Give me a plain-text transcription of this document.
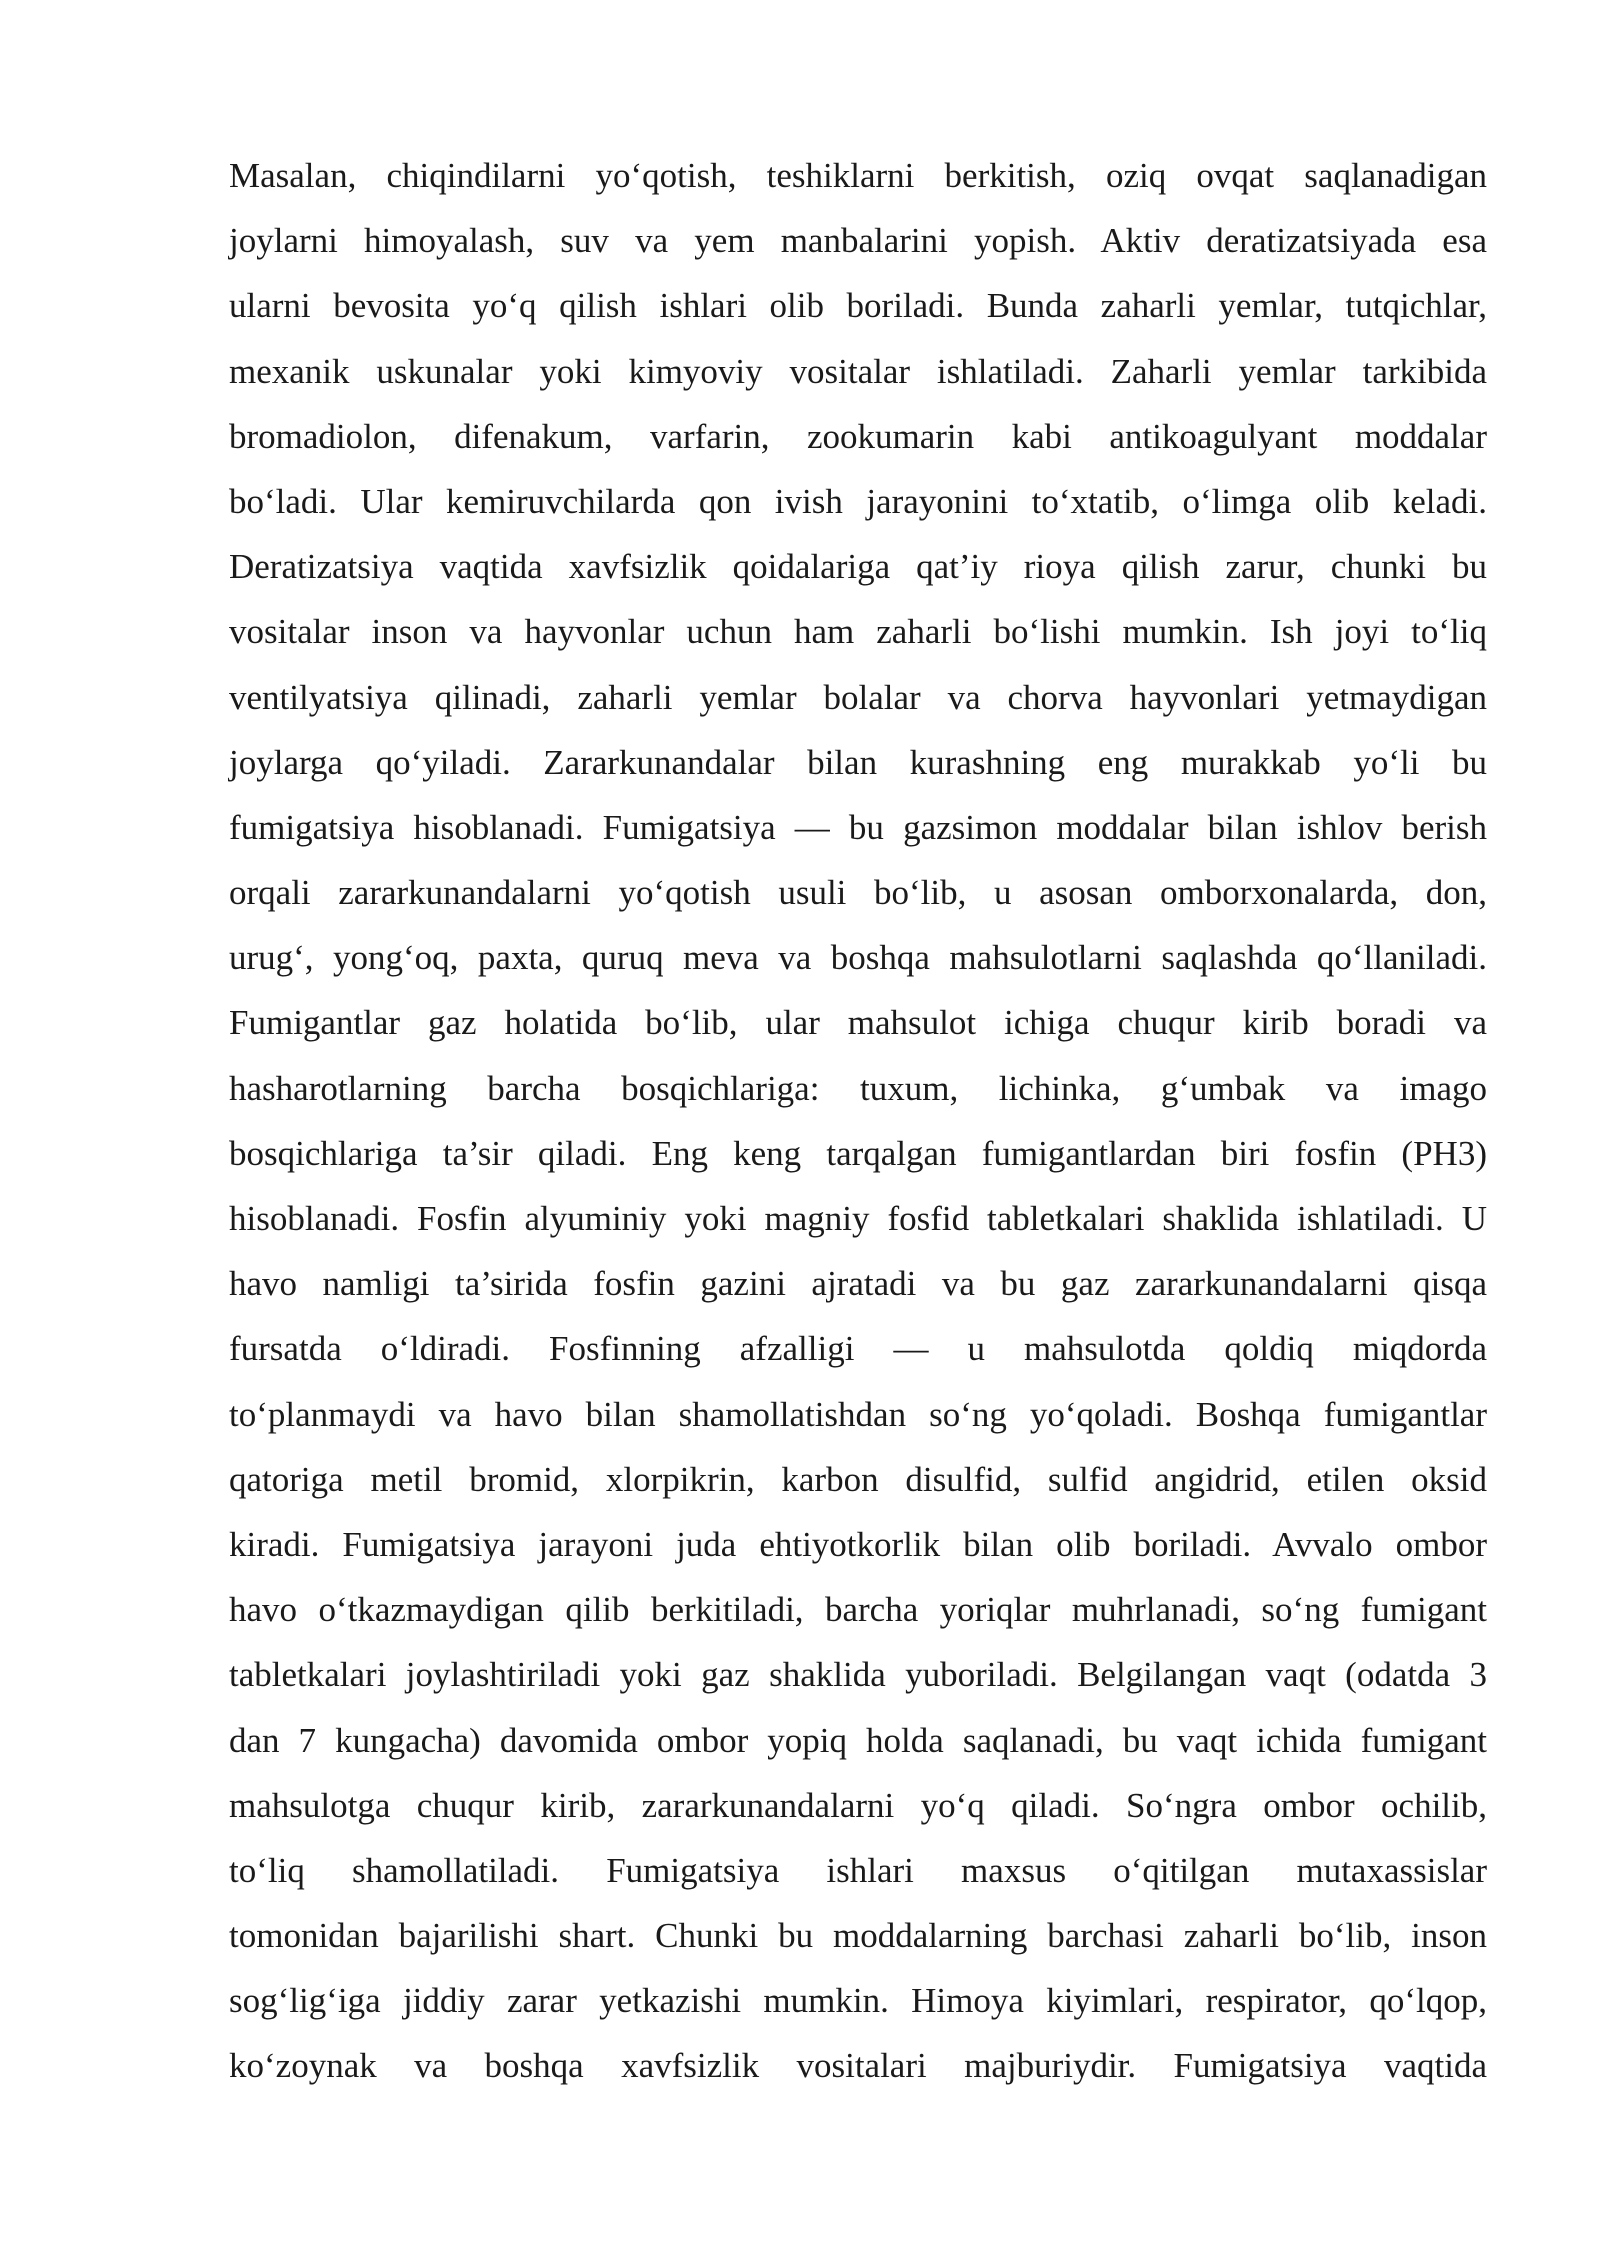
Masalan, chiqindilarni yo‘qotish, teshiklarni berkitish, oziq ovqat saqlanadigan
joylarni himoyalash, suv va yem manbalarini yopish. Aktiv deratizatsiyada esa
ularni bevosita yo‘q qilish ishlari olib boriladi. Bunda zaharli yemlar, tutqichlar,
mexanik uskunalar yoki kimyoviy vositalar ishlatiladi. Zaharli yemlar tarkibida
bromadiolon, difenakum, varfarin, zookumarin kabi antikoagulyant moddalar
bo‘ladi. Ular kemiruvchilarda qon ivish jarayonini to‘xtatib, o‘limga olib keladi.
Deratizatsiya vaqtida xavfsizlik qoidalariga qat’iy rioya qilish zarur, chunki bu
vositalar inson va hayvonlar uchun ham zaharli bo‘lishi mumkin. Ish joyi to‘liq
ventilyatsiya qilinadi, zaharli yemlar bolalar va chorva hayvonlari yetmaydigan
joylarga qo‘yiladi. Zararkunandalar bilan kurashning eng murakkab yo‘li bu
fumigatsiya hisoblanadi. Fumigatsiya — bu gazsimon moddalar bilan ishlov berish
orqali zararkunandalarni yo‘qotish usuli bo‘lib, u asosan omborxonalarda, don,
urug‘, yong‘oq, paxta, quruq meva va boshqa mahsulotlarni saqlashda qo‘llaniladi.
Fumigantlar gaz holatida bo‘lib, ular mahsulot ichiga chuqur kirib boradi va
hasharotlarning barcha bosqichlariga: tuxum, lichinka, g‘umbak va imago
bosqichlariga ta’sir qiladi. Eng keng tarqalgan fumigantlardan biri fosfin (PH3)
hisoblanadi. Fosfin alyuminiy yoki magniy fosfid tabletkalari shaklida ishlatiladi. U
havo namligi ta’sirida fosfin gazini ajratadi va bu gaz zararkunandalarni qisqa
fursatda o‘ldiradi. Fosfinning afzalligi — u mahsulotda qoldiq miqdorda
to‘planmaydi va havo bilan shamollatishdan so‘ng yo‘qoladi. Boshqa fumigantlar
qatoriga metil bromid, xlorpikrin, karbon disulfid, sulfid angidrid, etilen oksid
kiradi. Fumigatsiya jarayoni juda ehtiyotkorlik bilan olib boriladi. Avvalo ombor
havo o‘tkazmaydigan qilib berkitiladi, barcha yoriqlar muhrlanadi, so‘ng fumigant
tabletkalari joylashtiriladi yoki gaz shaklida yuboriladi. Belgilangan vaqt (odatda 3
dan 7 kungacha) davomida ombor yopiq holda saqlanadi, bu vaqt ichida fumigant
mahsulotga chuqur kirib, zararkunandalarni yo‘q qiladi. So‘ngra ombor ochilib,
to‘liq shamollatiladi. Fumigatsiya ishlari maxsus o‘qitilgan mutaxassislar
tomonidan bajarilishi shart. Chunki bu moddalarning barchasi zaharli bo‘lib, inson
sog‘lig‘iga jiddiy zarar yetkazishi mumkin. Himoya kiyimlari, respirator, qo‘lqop,
ko‘zoynak va boshqa xavfsizlik vositalari majburiydir. Fumigatsiya vaqtida
